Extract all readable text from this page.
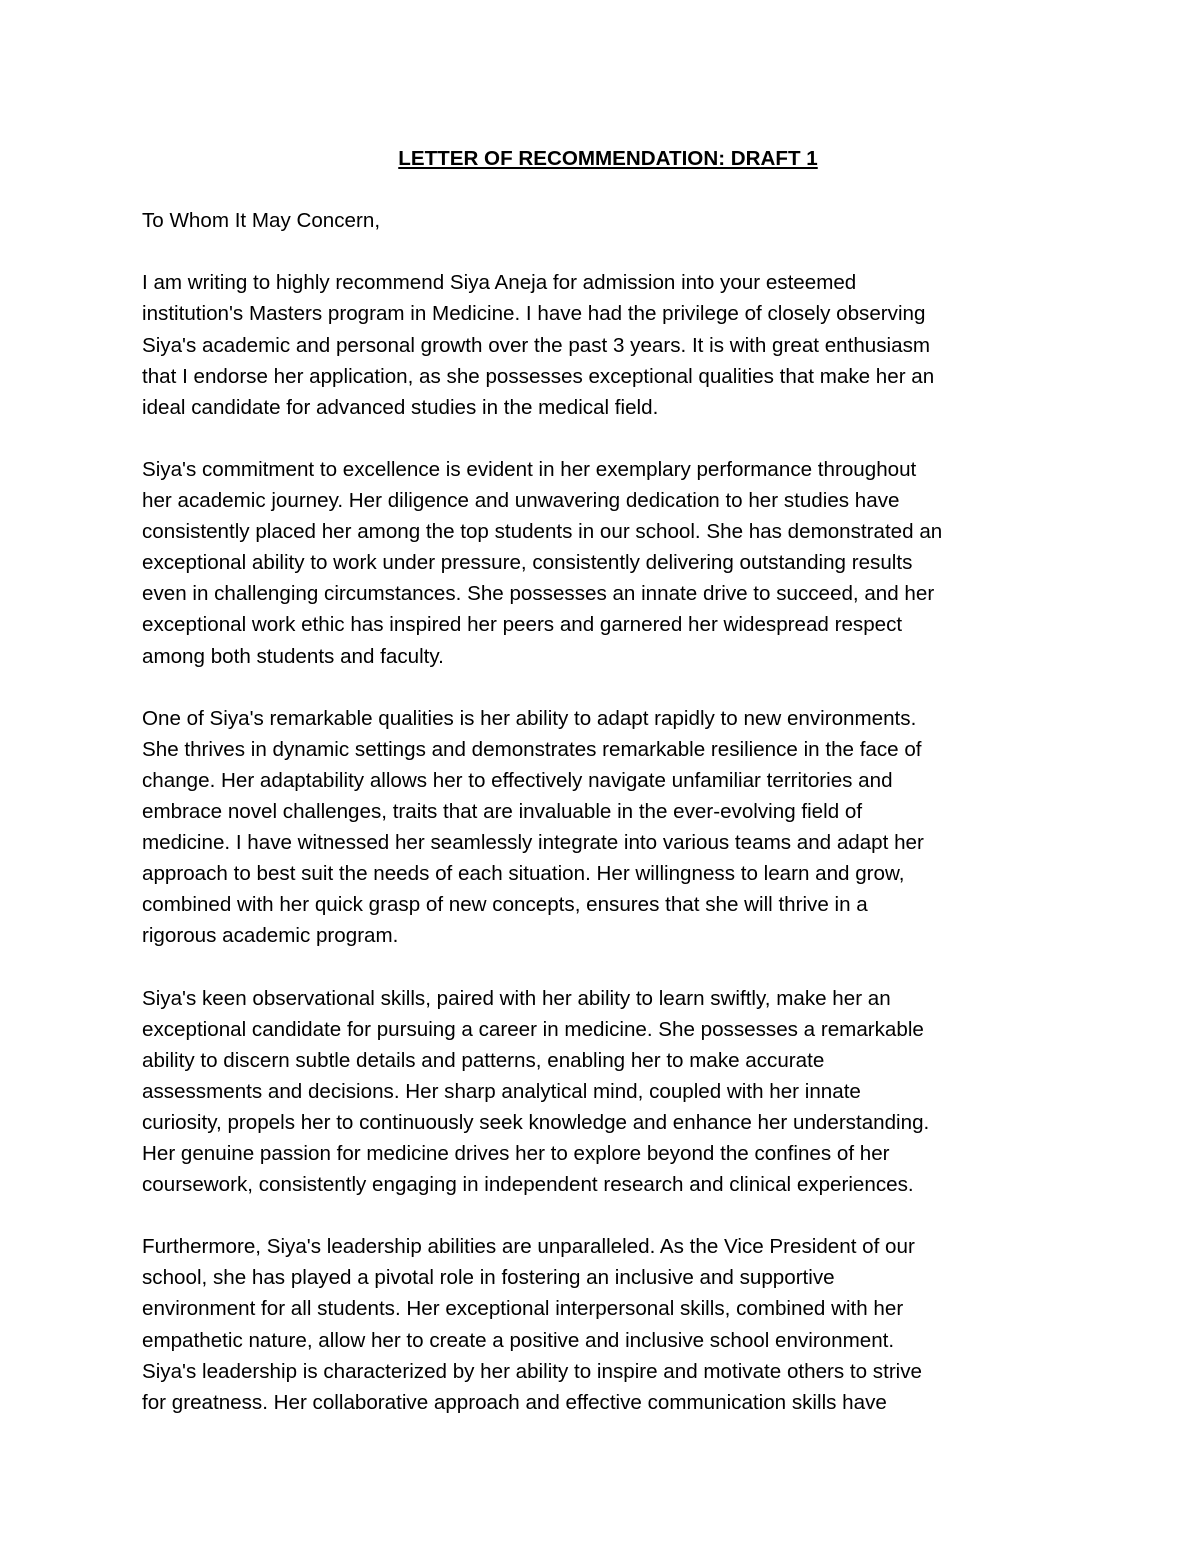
LETTER OF RECOMMENDATION: DRAFT 1
To Whom It May Concern,
I am writing to highly recommend Siya Aneja for admission into your esteemed
institution's Masters program in Medicine. I have had the privilege of closely observing
Siya's academic and personal growth over the past 3 years. It is with great enthusiasm
that I endorse her application, as she possesses exceptional qualities that make her an
ideal candidate for advanced studies in the medical field.
Siya's commitment to excellence is evident in her exemplary performance throughout
her academic journey. Her diligence and unwavering dedication to her studies have
consistently placed her among the top students in our school. She has demonstrated an
exceptional ability to work under pressure, consistently delivering outstanding results
even in challenging circumstances. She possesses an innate drive to succeed, and her
exceptional work ethic has inspired her peers and garnered her widespread respect
among both students and faculty.
One of Siya's remarkable qualities is her ability to adapt rapidly to new environments.
She thrives in dynamic settings and demonstrates remarkable resilience in the face of
change. Her adaptability allows her to effectively navigate unfamiliar territories and
embrace novel challenges, traits that are invaluable in the ever-evolving field of
medicine. I have witnessed her seamlessly integrate into various teams and adapt her
approach to best suit the needs of each situation. Her willingness to learn and grow,
combined with her quick grasp of new concepts, ensures that she will thrive in a
rigorous academic program.
Siya's keen observational skills, paired with her ability to learn swiftly, make her an
exceptional candidate for pursuing a career in medicine. She possesses a remarkable
ability to discern subtle details and patterns, enabling her to make accurate
assessments and decisions. Her sharp analytical mind, coupled with her innate
curiosity, propels her to continuously seek knowledge and enhance her understanding.
Her genuine passion for medicine drives her to explore beyond the confines of her
coursework, consistently engaging in independent research and clinical experiences.
Furthermore, Siya's leadership abilities are unparalleled. As the Vice President of our
school, she has played a pivotal role in fostering an inclusive and supportive
environment for all students. Her exceptional interpersonal skills, combined with her
empathetic nature, allow her to create a positive and inclusive school environment.
Siya's leadership is characterized by her ability to inspire and motivate others to strive
for greatness. Her collaborative approach and effective communication skills have
